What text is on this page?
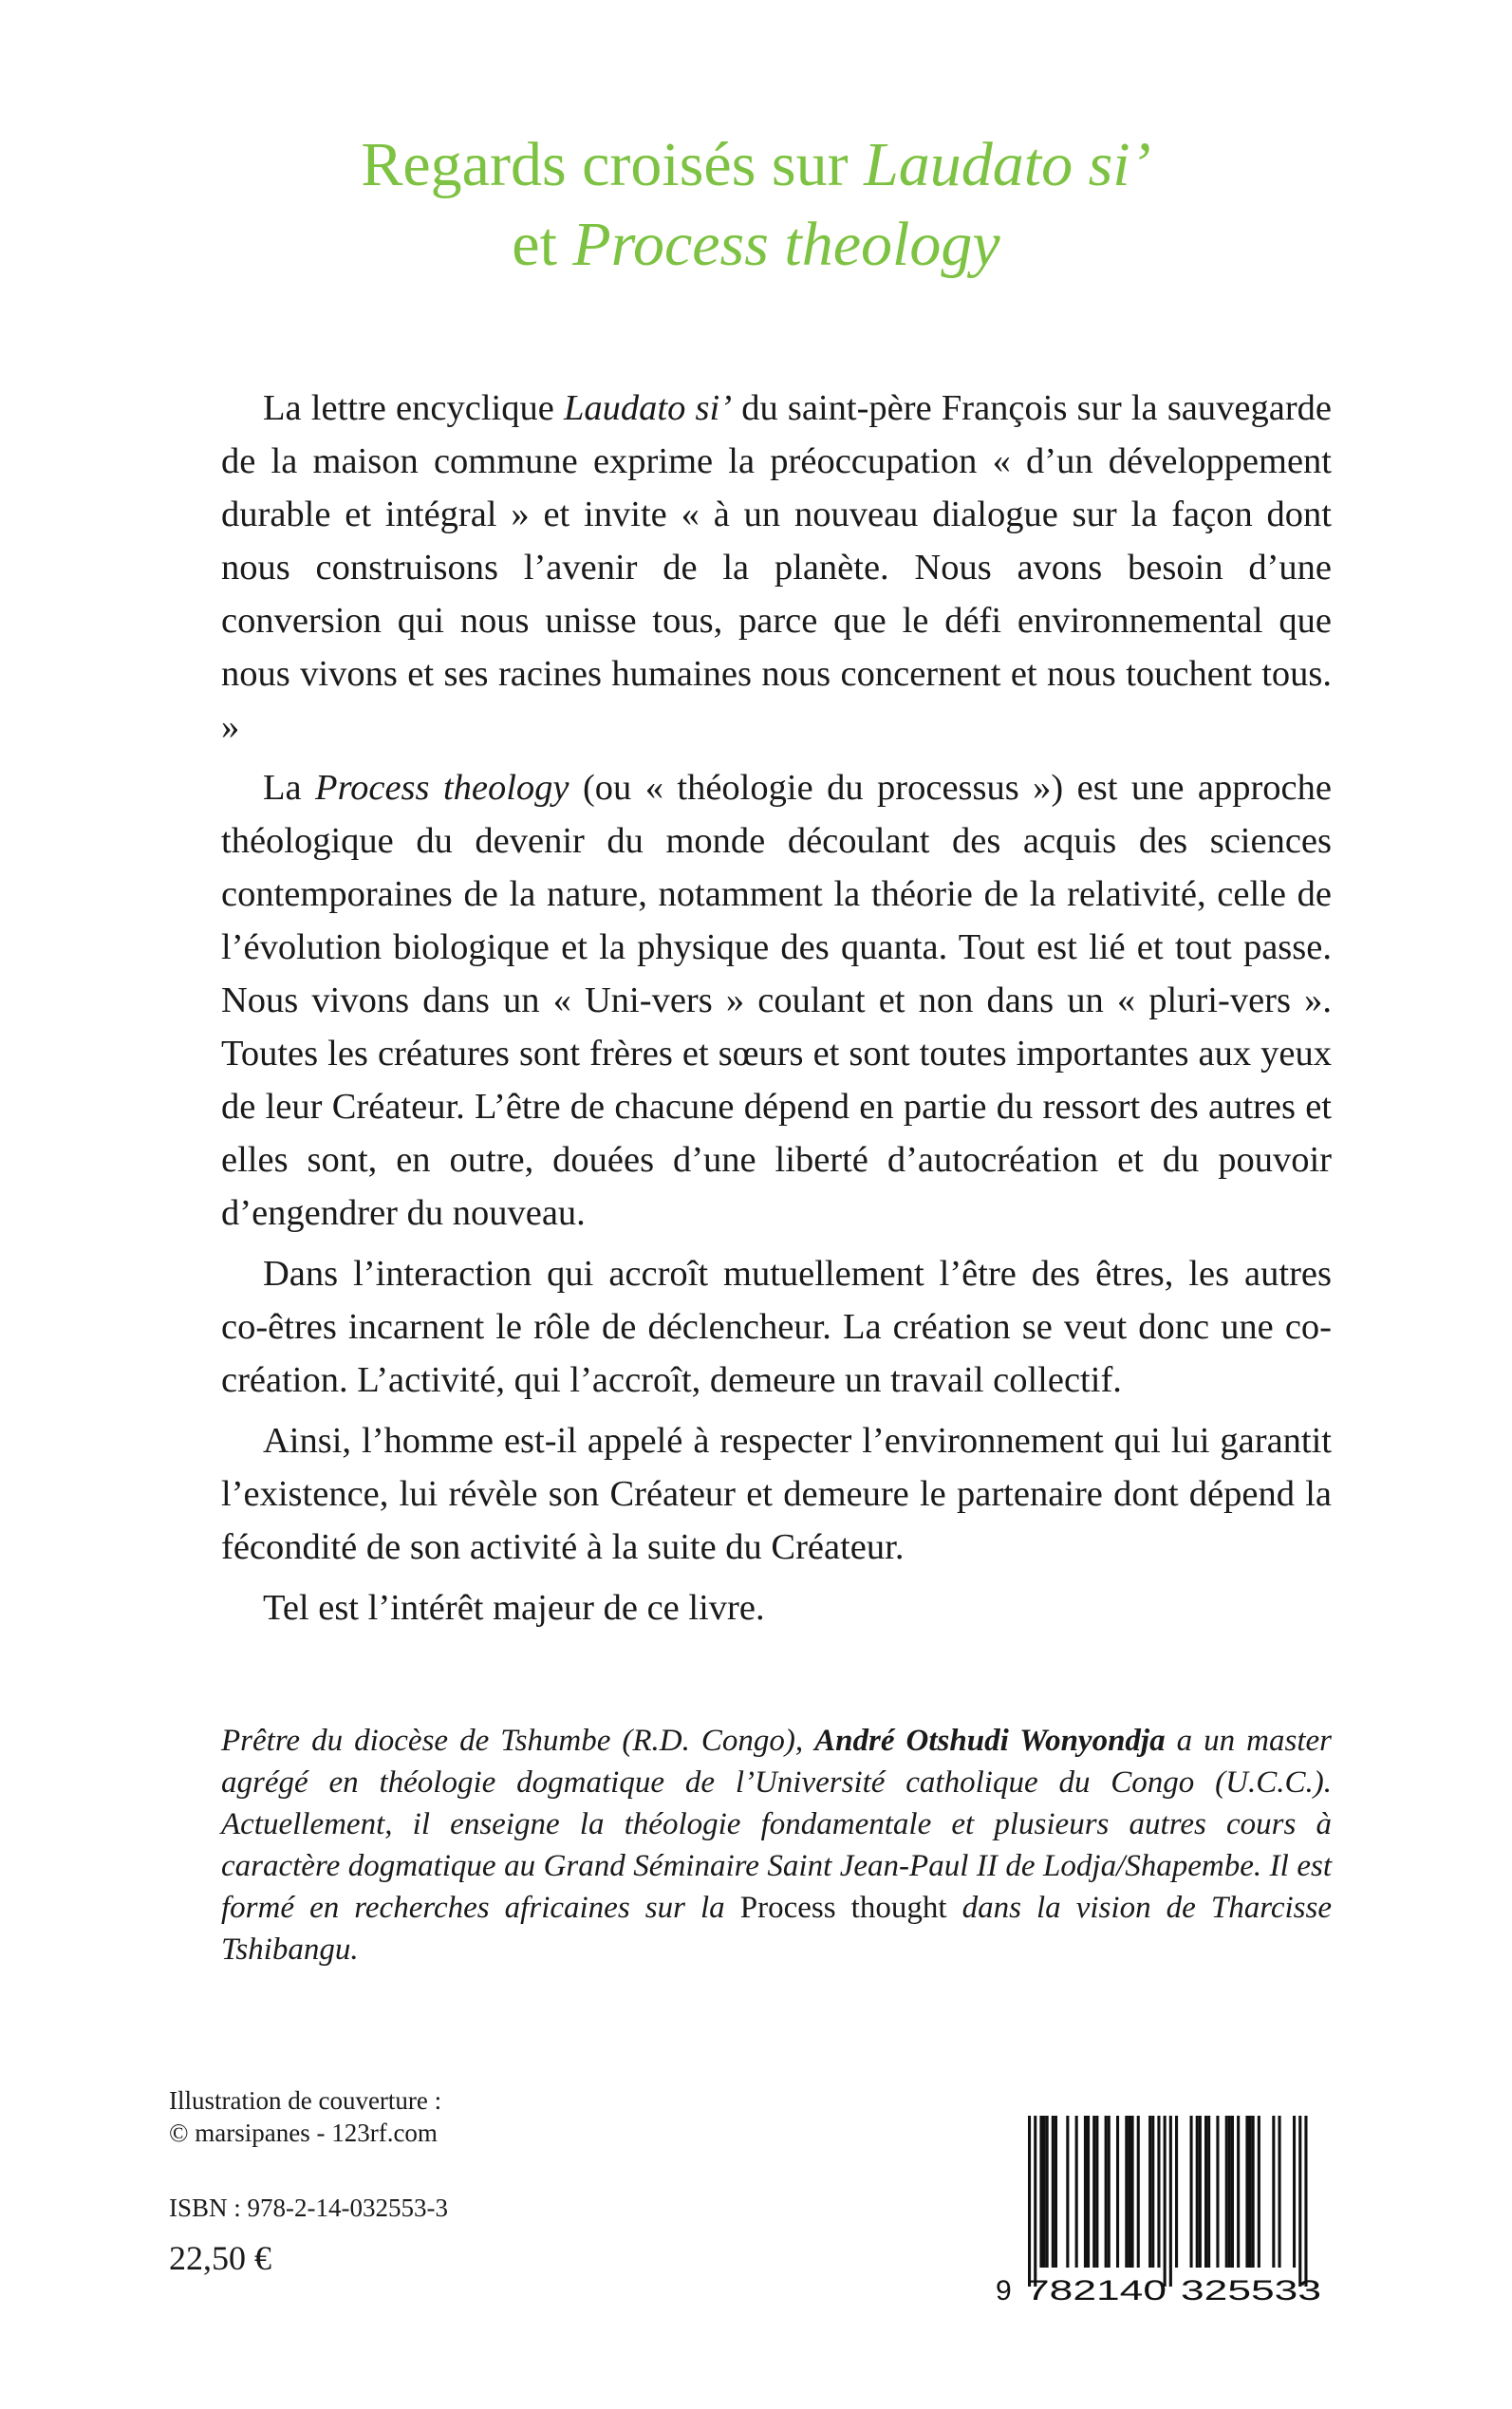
Regards croisés sur Laudato si’
et Process theology

La lettre encyclique Laudato si’ du saint-père François sur la sauvegarde de la maison commune exprime la préoccupation « d’un développement durable et intégral » et invite « à un nouveau dialogue sur la façon dont nous construisons l’avenir de la planète. Nous avons besoin d’une conversion qui nous unisse tous, parce que le défi environnemental que nous vivons et ses racines humaines nous concernent et nous touchent tous. »

La Process theology (ou « théologie du processus ») est une approche théologique du devenir du monde découlant des acquis des sciences contemporaines de la nature, notamment la théorie de la relativité, celle de l’évolution biologique et la physique des quanta. Tout est lié et tout passe. Nous vivons dans un « Uni-vers » coulant et non dans un « pluri-vers ». Toutes les créatures sont frères et sœurs et sont toutes importantes aux yeux de leur Créateur. L’être de chacune dépend en partie du ressort des autres et elles sont, en outre, douées d’une liberté d’autocréation et du pouvoir d’engendrer du nouveau.

Dans l’interaction qui accroît mutuellement l’être des êtres, les autres co-êtres incarnent le rôle de déclencheur. La création se veut donc une co-création. L’activité, qui l’accroît, demeure un travail collectif.

Ainsi, l’homme est-il appelé à respecter l’environnement qui lui garantit l’existence, lui révèle son Créateur et demeure le partenaire dont dépend la fécondité de son activité à la suite du Créateur.

Tel est l’intérêt majeur de ce livre.

Prêtre du diocèse de Tshumbe (R.D. Congo), André Otshudi Wonyondja a un master agrégé en théologie dogmatique de l’Université catholique du Congo (U.C.C.). Actuellement, il enseigne la théologie fondamentale et plusieurs autres cours à caractère dogmatique au Grand Séminaire Saint Jean-Paul II de Lodja/Shapembe. Il est formé en recherches africaines sur la Process thought dans la vision de Tharcisse Tshibangu.

Illustration de couverture :
© marsipanes - 123rf.com
ISBN : 978-2-14-032553-3
22,50 €
9 782140 325533
